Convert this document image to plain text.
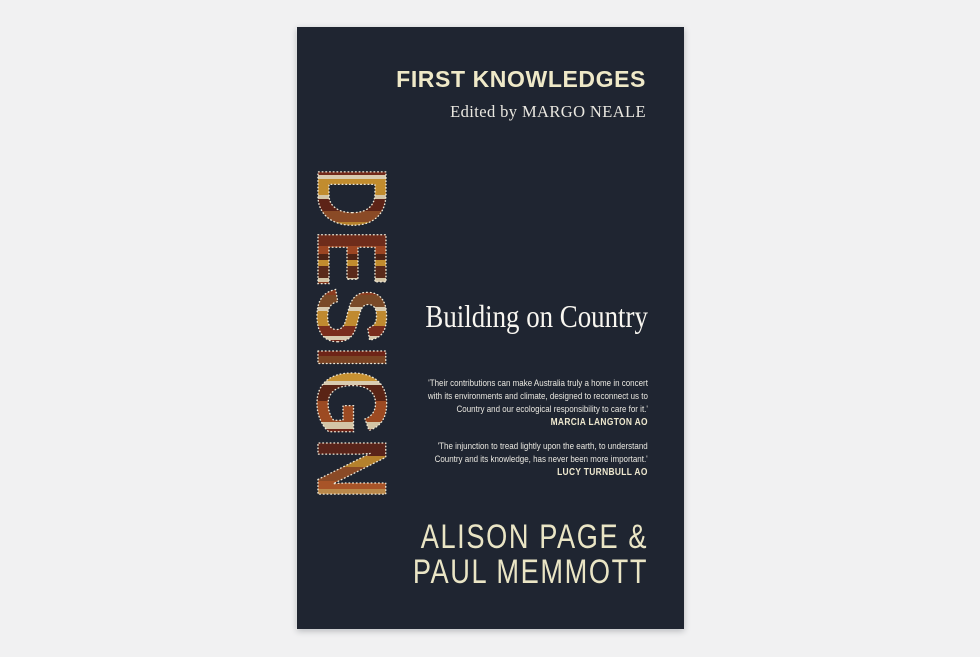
FIRST KNOWLEDGES
Edited by MARGO NEALE
DESIGN Building on Country
'Their contributions can make Australia truly a home in concert
with its environments and climate, designed to reconnect us to
Country and our ecological responsibility to care for it.'
MARCIA LANGTON AO
'The injunction to tread lightly upon the earth, to understand
Country and its knowledge, has never been more important.'
LUCY TURNBULL AO
ALISON PAGE &
PAUL MEMMOTT
